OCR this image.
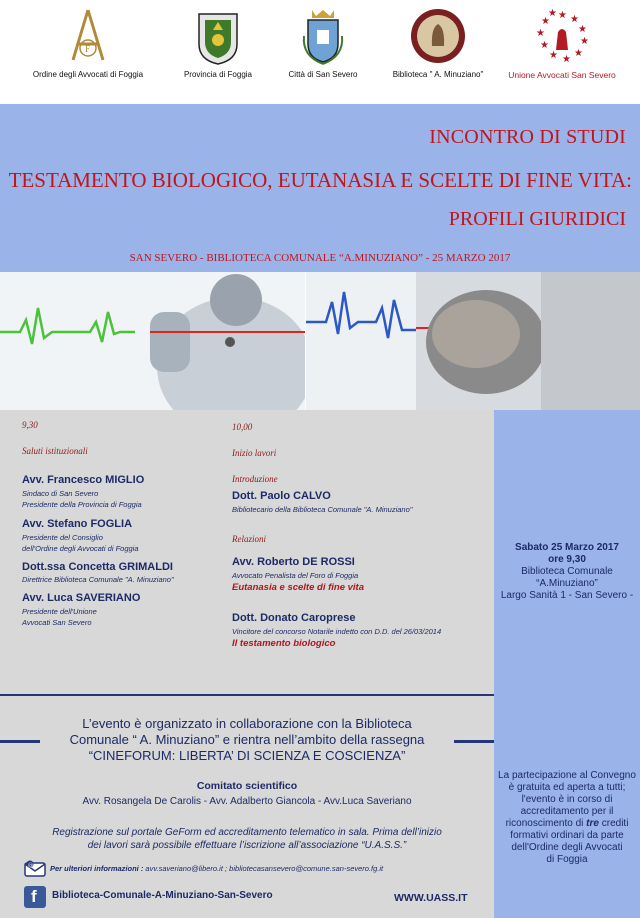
F
Ordine degli Avvocati di Foggia	Provincia di Foggia	Città di San Severo	Biblioteca " A. Minuziano"
★ ★
★
★
★
★
★
★
★
★
★
Unione Avvocati San Severo
INCONTRO DI STUDI
TESTAMENTO BIOLOGICO, EUTANASIA E SCELTE DI FINE VITA:
PROFILI GIURIDICI
SAN SEVERO - BIBLIOTECA COMUNALE “A.MINUZIANO” - 25 MARZO 2017
9,30
Saluti istituzionali
Avv. Francesco MIGLIO
Sindaco di San Severo
Presidente della Provincia di Foggia
Avv. Stefano FOGLIA
Presidente del Consiglio
dell'Ordine degli Avvocati di Foggia
Dott.ssa Concetta GRIMALDI
Direttrice Biblioteca Comunale "A. Minuziano"
Avv. Luca SAVERIANO
Presidente dell'Unione
Avvocati San Severo
10,00
Inizio lavori
Introduzione
Dott. Paolo CALVO
Bibliotecario della Biblioteca Comunale "A. Minuziano"
Relazioni
Avv. Roberto DE ROSSI
Avvocato Penalista del Foro di Foggia
Eutanasia e scelte di fine vita
Dott. Donato Caroprese
Vincitore del concorso Notarile indetto con D.D. del 26/03/2014
Il testamento biologico
Sabato 25 Marzo 2017
ore 9,30
Biblioteca Comunale
“A.Minuziano”
Largo Sanità 1 - San Severo -
La partecipazione al Convegno
è gratuita ed aperta a tutti;
l'evento è in corso di
accreditamento per il
riconoscimento di tre crediti
formativi ordinari da parte
dell'Ordine degli Avvocati
di Foggia
L’evento è organizzato in collaborazione con la Biblioteca
Comunale “ A. Minuziano” e rientra nell’ambito della rassegna
“CINEFORUM: LIBERTA’ DI SCIENZA E COSCIENZA”
Comitato scientifico
Avv. Rosangela De Carolis - Avv. Adalberto Giancola - Avv.Luca Saveriano
Registrazione sul portale GeForm ed accreditamento telematico in sala. Prima dell’inizio
dei lavori sarà possibile effettuare l’iscrizione all’associazione “U.A.S.S.”
@ Per ulteriori informazioni : avv.saveriano@libero.it ; bibliotecasansevero@comune.san-severo.fg.it
f Biblioteca-Comunale-A-Minuziano-San-Severo	WWW.UASS.IT
